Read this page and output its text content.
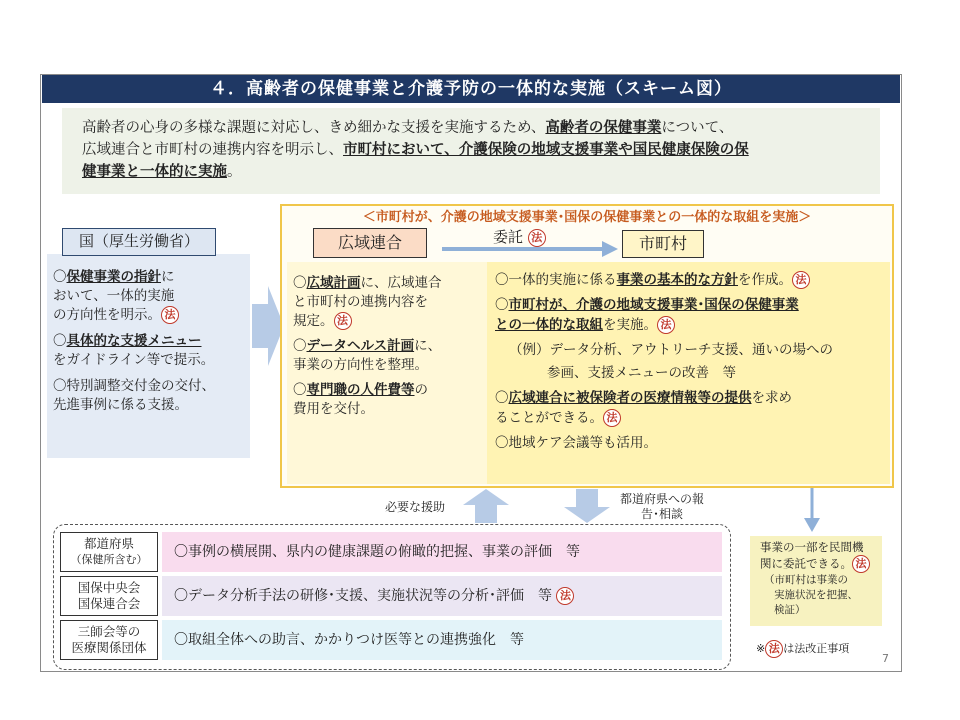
４．高齢者の保健事業と介護予防の一体的な実施（スキーム図）
高齢者の心身の多様な課題に対応し、きめ細かな支援を実施するため、高齢者の保健事業について、
広域連合と市町村の連携内容を明示し、市町村において、介護保険の地域支援事業や国民健康保険の保
健事業と一体的に実施。

〇保健事業の指針に
おいて、一体的実施
の方向性を明示。 法

〇具体的な支援メニュー
をガイドライン等で提示。

〇特別調整交付金の交付、
先進事例に係る支援。

国（厚生労働省）
＜市町村が、介護の地域支援事業･国保の保健事業との一体的な取組を実施＞
広域連合	委託 法	市町村

〇広域計画に、広域連合
と市町村の連携内容を
規定。 法

〇データヘルス計画に、
事業の方向性を整理。

〇専門職の人件費等の
費用を交付。

〇一体的実施に係る事業の基本的な方針を作成。 法

〇市町村が、介護の地域支援事業･国保の保健事業
との一体的な取組を実施。 法

（例）データ分析、アウトリーチ支援、通いの場への

参画、支援メニューの改善　等

〇広域連合に被保険者の医療情報等の提供を求め
ることができる。 法

〇地域ケア会議等も活用。

必要な援助
都道府県への報告･相談
都道府県
（保健所含む）	〇事例の横展開、県内の健康課題の俯瞰的把握、事業の評価　等
国保中央会
国保連合会	〇データ分析手法の研修･支援、実施状況等の分析･評価　等 法
三師会等の
医療関係団体	〇取組全体への助言、かかりつけ医等との連携強化　等
事業の一部を民間機
関に委託できる。 法
（市町村は事業の
実施状況を把握、
検証）
※ 法 は法改正事項
7
